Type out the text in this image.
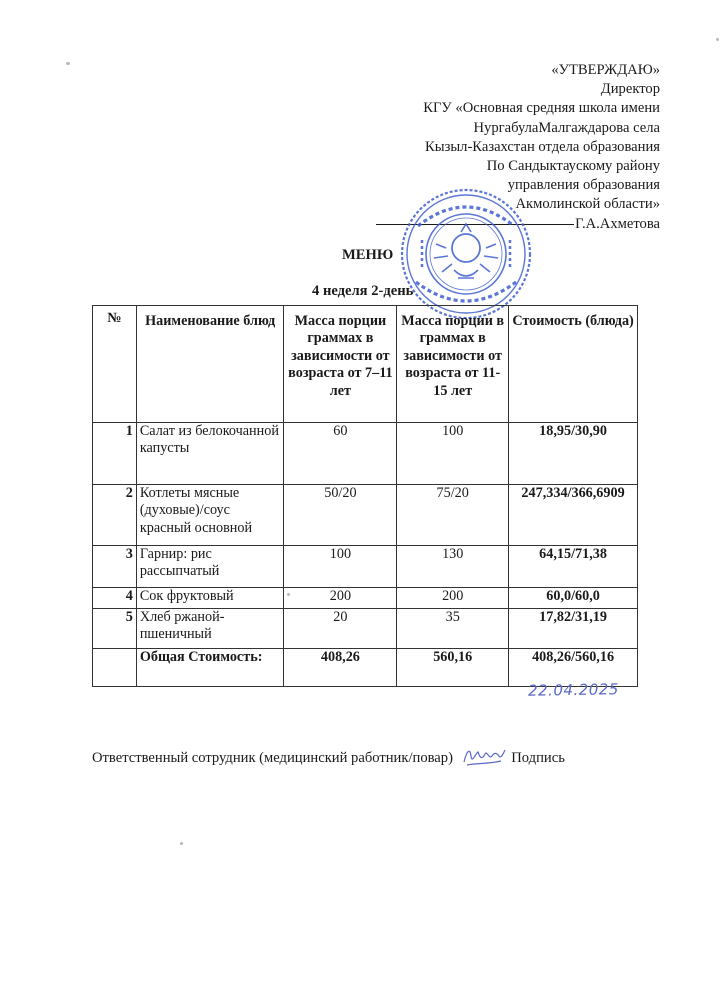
«УТВЕРЖДАЮ»
Директор
КГУ «Основная средняя школа имени
НургабулаМалгаждарова села
Кызыл-Казахстан отдела образования
По Сандыктаускому району
управления образования
Акмолинской области»
Г.А.Ахметова
МЕНЮ
4 неделя 2-день
№	Наименование блюд	Масса порции граммах в зависимости от возраста от 7–11 лет	Масса порции в граммах в зависимости от возраста от 11-15 лет	Стоимость (блюда)
1	Салат из белокочанной капусты	60	100	18,95/30,90
2	Котлеты мясные (духовые)/соус красный основной	50/20	75/20	247,334/366,6909
3	Гарнир: рис рассыпчатый	100	130	64,15/71,38
4	Сок фруктовый	200	200	60,0/60,0
5	Хлеб ржаной-пшеничный	20	35	17,82/31,19
	Общая Стоимость:	408,26	560,16	408,26/560,16
22.04.2025
Ответственный сотрудник (медицинский работник/повар)	Подпись
